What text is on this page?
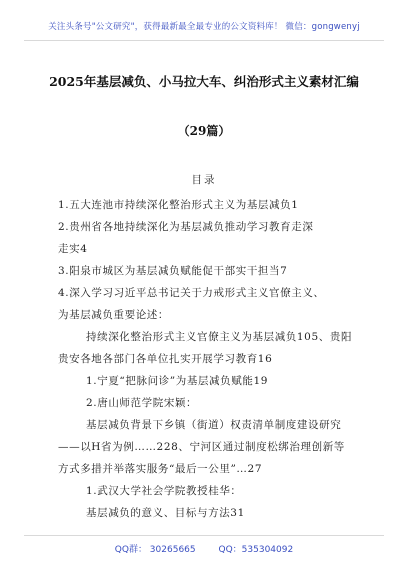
关注头条号"公文研究"，获得最新最全最专业的公文资料库！ 微信：gongwenyj
2025年基层减负、小马拉大车、纠治形式主义素材汇编
（29篇）
目录
1.五大连池市持续深化整治形式主义为基层减负1
2.贵州省各地持续深化为基层减负推动学习教育走深
走实4
3.阳泉市城区为基层减负赋能促干部实干担当7
4.深入学习习近平总书记关于力戒形式主义官僚主义、
为基层减负重要论述：
持续深化整治形式主义官僚主义为基层减负105、贵阳
贵安各地各部门各单位扎实开展学习教育16
1.宁夏“把脉问诊”为基层减负赋能19
2.唐山师范学院宋颖：
基层减负背景下乡镇（街道）权责清单制度建设研究
——以H省为例……228、宁河区通过制度松绑治理创新等
方式多措并举落实服务“最后一公里”…27
1.武汉大学社会学院教授桂华：
基层减负的意义、目标与方法31
QQ群： 30265665	QQ：535304092
